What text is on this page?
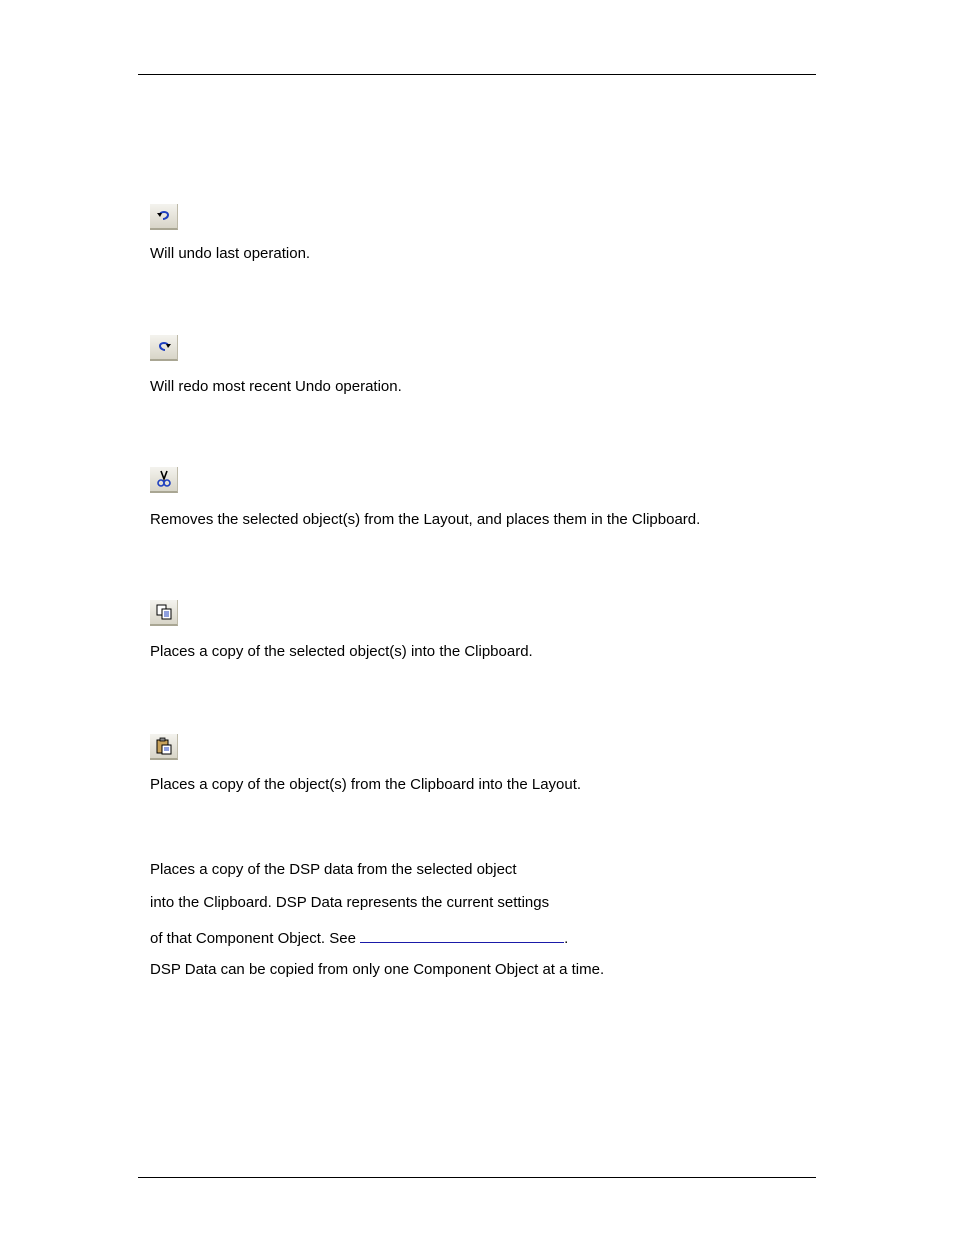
Will undo last operation.

Will redo most recent Undo operation.

Removes the selected object(s) from the Layout, and places them in the Clipboard.

Places a copy of the selected object(s) into the Clipboard.

Places a copy of the object(s) from the Clipboard into the Layout.

Places a copy of the DSP data from the selected object

into the Clipboard. DSP Data represents the current settings

of that Component Object. See	.

DSP Data can be copied from only one Component Object at a time.
